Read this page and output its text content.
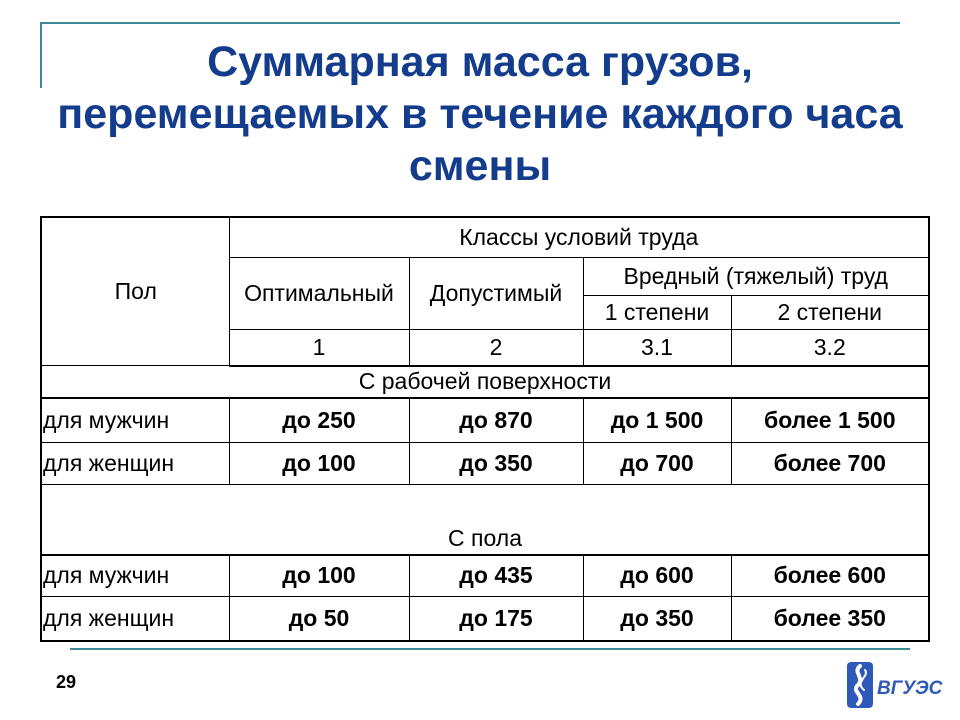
Суммарная масса грузов, перемещаемых в течение каждого часа смены
Пол	Классы условий труда			
	Оптимальный	Допустимый	Вредный (тяжелый) труд	
			1 степени	2 степени
	1	2	3.1	3.2
С рабочей поверхности				
для мужчин	до 250	до 870	до 1 500	более 1 500
для женщин	до 100	до 350	до 700	более 700
С пола				
для мужчин	до 100	до 435	до 600	более 600
для женщин	до 50	до 175	до 350	более 350
29	ВГУЭС
